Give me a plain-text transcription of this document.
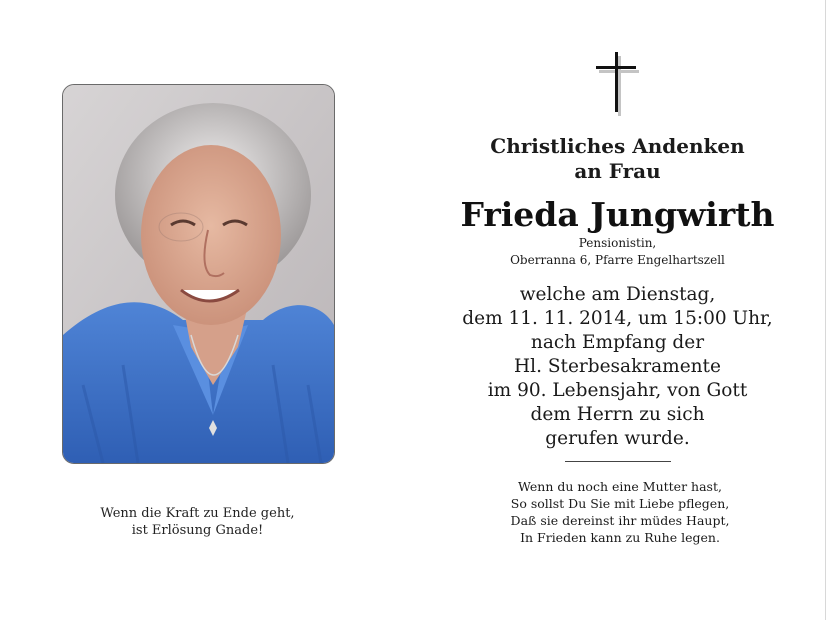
Wenn die Kraft zu Ende geht,
ist Erlösung Gnade!
Christliches Andenken
an Frau
Frieda Jungwirth
Pensionistin,
Oberranna 6, Pfarre Engelhartszell
welche am Dienstag,
dem 11. 11. 2014, um 15:00 Uhr,
nach Empfang der
Hl. Sterbesakramente
im 90. Lebensjahr, von Gott
dem Herrn zu sich
gerufen wurde.
Wenn du noch eine Mutter hast,
So sollst Du Sie mit Liebe pflegen,
Daß sie dereinst ihr müdes Haupt,
In Frieden kann zu Ruhe legen.
